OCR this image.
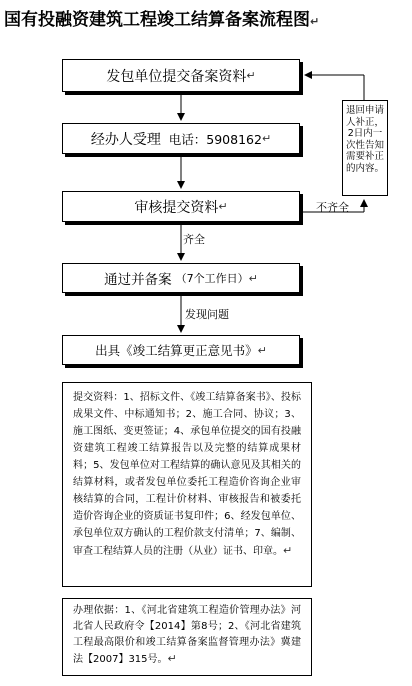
国有投融资建筑工程竣工结算备案流程图↵
发包单位提交备案资料 ↵
经办人受理
电话：5908162 ↵
审核提交资料 ↵
通过并备案
（7个工作日） ↵
出具《竣工结算更正意见书》 ↵
齐全
不齐全
发现问题
退回申请人补正，2日内一次性告知需要补正的内容。
提交资料：1、招标文件、《竣工结算备案书》、投标成果文件、中标通知书；2、施工合同、协议；3、施工图纸、变更签证；4、承包单位提交的国有投融资建筑工程竣工结算报告以及完整的结算成果材料；5、发包单位对工程结算的确认意见及其相关的结算材料，或者发包单位委托工程造价咨询企业审核结算的合同，工程计价材料、审核报告和被委托造价咨询企业的资质证书复印件；6、经发包单位、承包单位双方确认的工程价款支付清单；7、编制、审查工程结算人员的注册（从业）证书、印章。↵
办理依据：1、《河北省建筑工程造价管理办法》河北省人民政府令【2014】第8号；2、《河北省建筑工程最高限价和竣工结算备案监督管理办法》冀建法【2007】315号。↵
